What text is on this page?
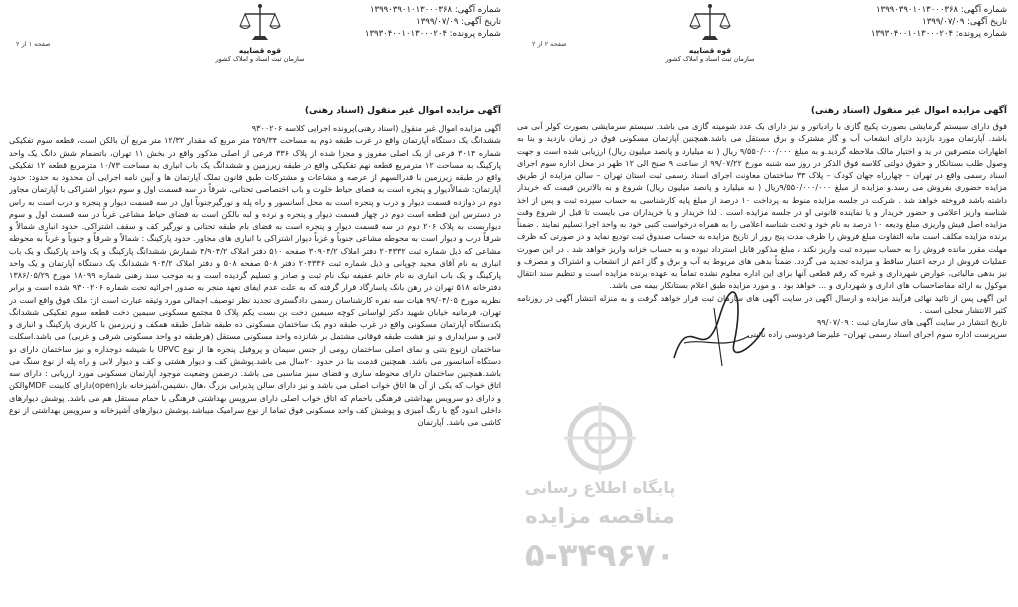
شماره آگهی: ۱۳۹۹۰۳۹۰۱۰۱۳۰۰۰۳۶۸
تاریخ آگهی: ۱۳۹۹/۰۷/۰۹
شماره پرونده: ۱۳۹۳۰۴۰۰۱۰۱۳۰۰۰۲۰۴
قوه قضاییه
سازمان ثبت اسناد و املاک کشور
صفحه ۲ از ۲
آگهی مزایده اموال غیر منقول (اسناد رهنی)

فوق دارای سیستم گرمایشی بصورت پکیج گازی با رادیاتور و نیز دارای یک عدد شومینه گازی می باشد. سیستم سرمایشی بصورت کولر آبی می باشد. آپارتمان مورد بازدید دارای انشعاب آب و گاز مشترک و برق مستقل می باشد.همچنین آپارتمان مسکونی فوق در زمان بازدید و بنا به اظهارات متصرفین در ید و اختیار مالک ملاحظه گردید.و به مبلغ ۹/۵۵۰/۰۰۰/۰۰۰ ریال ( نه میلیارد و پانصد میلیون ریال) ارزیابی شده است و جهت وصول طلب بستانکار و حقوق دولتی کلاسه فوق الذکر در روز سه شنبه مورخ ۹۹/۰۷/۲۲ از ساعت ۹ صبح الی ۱۲ ظهر در محل اداره سوم اجرای اسناد رسمی واقع در تهران – چهارراه جهان کودک – پلاک ۳۴ ساختمان معاونت اجرای اسناد رسمی ثبت استان تهران – سالن مزایده از طریق مزایده حضوری بفروش می رسد.و مزایده از مبلغ ۹/۵۵۰/۰۰۰/۰۰۰ریال ( نه میلیارد و پانصد میلیون ریال) شروع و به بالاترین قیمت که خریدار داشته باشد فروخته خواهد شد . شرکت در جلسه مزایده منوط به پرداخت ۱۰ درصد از مبلغ پایه کارشناسی به حساب سپرده ثبت و پس از اخذ شناسه واریز اعلامی و حضور خریدار و یا نماینده قانونی او در جلسه مزایده است . لذا خریدار و یا خریداران می بایست تا قبل از شروع وقت مزایده اصل فیش واریزی مبلغ ودیعه ۱۰ درصد به نام خود و تحت شناسه اعلامی را به همراه درخواست کتبی خود به واحد اجرا تسلیم نمایند . ضمناً برنده مزایده مکلف است مابه التفاوت مبلغ فروش را ظرف مدت پنج روز از تاریخ مزایده به حساب صندوق ثبت تودیع نماید و در صورتی که ظرف مهلت مقرر مانده فروش را به حساب سپرده ثبت واریز نکند ، مبلغ مذکور قابل استرداد نبوده و به حساب خزانه واریز خواهد شد . در این صورت عملیات فروش از درجه اعتبار ساقط و مزایده تجدید می گردد. ضمناً بدهی های مربوط به آب و برق و گاز اعم از انشعاب و اشتراک و مصرف و نیز بدهی مالیاتی، عوارض شهرداری و غیره که رقم قطعی آنها برای این اداره معلوم نشده تماماً به عهده برنده مزایده است و تنظیم سند انتقال موکول به ارائه مفاصاحساب های اداری و شهرداری و ... خواهد بود . و مورد مزایده طبق اعلام بستانکار بیمه می باشد.

این آگهی پس از تائید نهائی فرآیند مزایده و ارسال آگهی در سایت آگهی های سازمان ثبت قرار خواهد گرفت و به منزله انتشار آگهی در روزنامه کثیر الانتشار محلی است .

تاریخ انتشار در سایت آگهی های سازمان ثبت : ۹۹/۰۷/۰۹

سرپرست اداره سوم اجرای اسناد رسمی تهران– علیرضا فردوسی زاده نائینی

شماره آگهی: ۱۳۹۹۰۳۹۰۱۰۱۳۰۰۰۳۶۸
تاریخ آگهی: ۱۳۹۹/۰۷/۰۹
شماره پرونده: ۱۳۹۳۰۴۰۰۱۰۱۳۰۰۰۲۰۴
قوه قضاییه
سازمان ثبت اسناد و املاک کشور
صفحه ۱ از ۲
آگهی مزایده اموال غیر منقول (اسناد رهنی)

آگهی مزایده اموال غیر منقول (اسناد رهنی)پرونده اجرایی کلاسه ۹۳۰۰۲۰۶

ششدانگ یک دستگاه آپارتمان واقع در غرب طبقه دوم به مساحت ۲۵۹/۳۴ متر مربع که مقدار ۱۲/۳۲ متر مربع آن بالکن است، قطعه سوم تفکیکی شماره ۳۰۱۴ فرعی از یک اصلی مفروز و مجزا شده از پلاک ۳۳۶ فرعی از اصلی مذکور واقع در بخش ۱۱ تهران، باتضمام شش دانگ یک واحد پارکینگ به مساحت ۱۲ مترمربع قطعه نهم تفکیکی واقع در طبقه زیرزمین و ششدانگ یک باب انباری به مساحت ۱۰/۷۳ مترمربع قطعه ۱۲ تفکیکی واقع در طبقه زیرزمین با قدرالسهم از عرصه و مشاعات و مشترکات طبق قانون تملک آپارتمان ها و آیین نامه اجرایی آن محدود به حدود: حدود آپارتمان: شمالاًدیوار و پنجره است به فضای حیاط خلوت و باب اختصاصی تحتانی، شرقاً در سه قسمت اول و سوم دیوار اشتراکی با آپارتمان مجاور دوم در دوازده قسمت دیوار و درب و پنجره است به محل آسانسور و راه پله و نورگیرجنوباً اول در سه قسمت دیوار و پنجره و درب است به راس در دسترس این قطعه است دوم در چهار قسمت دیوار و پنجره و نرده و لبه بالکن است به فضای حیاط مشاعی غرباً در سه قسمت اول و سوم دیواربست به پلاک ۲۰۶ دوم در سه قسمت دیوار و پنجره است به فضای بام طبقه تحتانی و نورگیر کف و سقف اشتراکی. حدود انباری شمالاً و شرقاً درب و دیوار است به محوطه مشاعی جنوباً و غرباً دیوار اشتراکی با انباری های مجاور. حدود پارکینگ : شمالاً و شرقاً و جنوباً و غرباً به محوطه مشاعی که ذیل شماره ثبت ۲۰۴۳۳۲ دفتر املاک ۳۰۹۰۴/۲ صفحه ۵۱۰ دفتر املاک ۴/۹۰۴/۲ شمارش ششدانگ پارکینگ و یک واحد پارکینگ و یک باب انباری به نام آقای مجید چوپانی و ذیل شماره ثبت ۲۰۴۳۳۶ دفتر ۵۰۸ صفحه ۵۰۸ و دفتر املاک ۹۰۴/۲ ششدانگ یک دستگاه آپارتمان و یک واحد پارکینگ و یک باب انباری به نام خانم عفیفه نیک نام ثبت و صادر و تسلیم گردیده است و به موجب سند رهنی شماره ۱۸۰۹۹ مورخ ۱۳۸۶/۰۵/۲۹ دفترخانه ۵۱۸ تهران در رهن بانک پاسارگاد قرار گرفته که به علت عدم ایفای تعهد منجر به صدور اجرائیه تحت شماره ۹۳۰۰۲۰۶ شده است و برابر نظریه مورخ ۹۹/۰۴/۰۵ هیات سه نفره کارشناسان رسمی دادگستری تجدید نظر توصیف اجمالی مورد وثیقه عبارت است از: ملک فوق واقع است در تهران، فرمانیه خیابان شهید دکتر لواسانی کوچه سیمین دخت بن بست یکم پلاک ۵ مجتمع مسکونی سیمین دخت قطعه سوم تفکیکی ششدانگ یکدستگاه آپارتمان مسکونی واقع در غرب طبقه دوم یک ساختمان مسکونی ده طبقه شامل طبقه همکف و زیرزمین با کاربری پارکینگ و انباری و لابی و سرایداری و نیز هشت طبقه فوقانی مشتمل بر شانزده واحد مسکونی مستقل (هرطبقه دو واحد مسکونی شرقی و غربی) می باشد.اسکلت ساختمان ازنوع بتنی و نمای اصلی ساختمان رومی از جنس سیمان و پروفیل پنجره ها از نوع UPVC با شیشه دوجداره و نیز ساختمان دارای دو دستگاه آسانسور می باشد. همچنین قدمت بنا در حدود ۲۰سال می باشد.پوشش کف و دیوار هشتی و کف و دیوار لابی و راه پله از نوع سنگ می باشد.همچنین ساختمان دارای محوطه سازی و فضای سبز مناسبی می باشد. درضمن وضعیت موجود آپارتمان مسکونی مورد ارزیابی : دارای سه اتاق خواب که یکی از آن ها اتاق خواب اصلی می باشد و نیز دارای سالن پذیرایی بزرگ ،هال ،نشیمن،آشپزخانه باز(open)دارای کابینت MDFوالکن و دارای دو سرویس بهداشتی فرهنگی باحمام که اتاق خواب اصلی دارای سرویس بهداشتی فرهنگی با حمام مستقل هم می باشد. پوشش دیوارهای داخلی اندود گچ با رنگ آمیزی و پوشش کف واحد مسکونی فوق تماما از نوع سرامیک میباشد.پوشش دیوارهای آشپزخانه و سرویس بهداشتی از نوع کاشی می باشد. آپارتمان

پایگاه اطلاع رسانی
مناقصه مزایده
۵-۳۴۹۶۷۰
